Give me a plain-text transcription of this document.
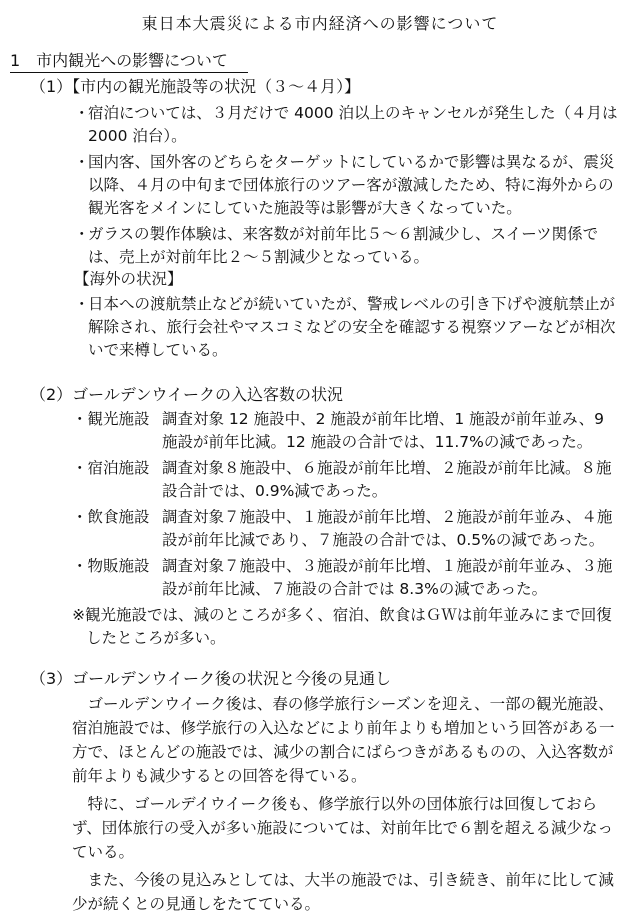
東日本大震災による市内経済への影響について
1　市内観光への影響について
（1）【市内の観光施設等の状況（３～４月）】
・
宿泊については、３月だけで 4000 泊以上のキャンセルが発生した（４月は 2000 泊台）。
・
国内客、国外客のどちらをターゲットにしているかで影響は異なるが、震災以降、４月の中旬まで団体旅行のツアー客が激減したため、特に海外からの観光客をメインにしていた施設等は影響が大きくなっていた。
・
ガラスの製作体験は、来客数が対前年比５～６割減少し、スイーツ関係では、売上が対前年比２～５割減少となっている。
【海外の状況】
・
日本への渡航禁止などが続いていたが、警戒レベルの引き下げや渡航禁止が解除され、旅行会社やマスコミなどの安全を確認する視察ツアーなどが相次いで来樽している。
（2）ゴールデンウイークの入込客数の状況
・観光施設	調査対象 12 施設中、2 施設が前年比増、1 施設が前年並み、9 施設が前年比減。12 施設の合計では、11.7%の減であった。
・宿泊施設	調査対象８施設中、６施設が前年比増、２施設が前年比減。８施設合計では、0.9%減であった。
・飲食施設	調査対象７施設中、１施設が前年比増、２施設が前年並み、４施設が前年比減であり、７施設の合計では、0.5%の減であった。
・物販施設	調査対象７施設中、３施設が前年比増、１施設が前年並み、３施設が前年比減、７施設の合計では 8.3%の減であった。
※観光施設では、減のところが多く、宿泊、飲食はＧＷは前年並みにまで回復したところが多い。
（3）ゴールデンウイーク後の状況と今後の見通し
ゴールデンウイーク後は、春の修学旅行シーズンを迎え、一部の観光施設、宿泊施設では、修学旅行の入込などにより前年よりも増加という回答がある一方で、ほとんどの施設では、減少の割合にばらつきがあるものの、入込客数が前年よりも減少するとの回答を得ている。
特に、ゴールデイウイーク後も、修学旅行以外の団体旅行は回復しておらず、団体旅行の受入が多い施設については、対前年比で６割を超える減少なっている。
また、今後の見込みとしては、大半の施設では、引き続き、前年に比して減少が続くとの見通しをたてている。
